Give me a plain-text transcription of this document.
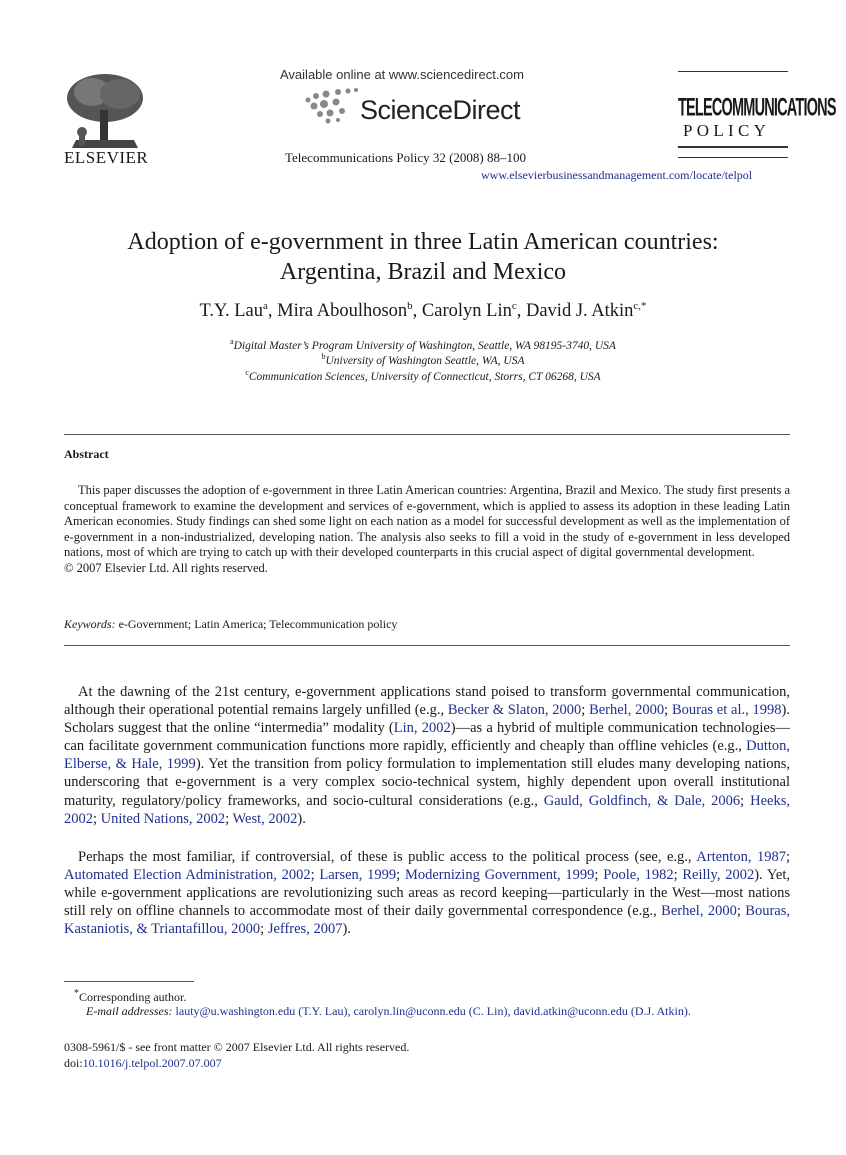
ELSEVIER
Available online at www.sciencedirect.com
ScienceDirect
Telecommunications Policy 32 (2008) 88–100
TELECOMMUNICATIONS
POLICY
www.elsevierbusinessandmanagement.com/locate/telpol
Adoption of e-government in three Latin American countries:
Argentina, Brazil and Mexico
T.Y. Lau$^a$, Mira Aboulhoson$^b$, Carolyn Lin$^c$, David J. Atkin$^{c,*}$
$^a$Digital Master’s Program University of Washington, Seattle, WA 98195-3740, USA
$^b$University of Washington Seattle, WA, USA
$^c$Communication Sciences, University of Connecticut, Storrs, CT 06268, USA
Abstract

This paper discusses the adoption of e-government in three Latin American countries: Argentina, Brazil and Mexico. The study first presents a conceptual framework to examine the development and services of e-government, which is applied to assess its adoption in these leading Latin American economies. Study findings can shed some light on each nation as a model for successful development as well as the implementation of e-government in a non-industrialized, developing nation. The analysis also seeks to fill a void in the study of e-government in less developed nations, most of which are trying to catch up with their developed counterparts in this crucial aspect of digital governmental development.
© 2007 Elsevier Ltd. All rights reserved.

Keywords: e-Government; Latin America; Telecommunication policy

At the dawning of the 21st century, e-government applications stand poised to transform governmental communication, although their operational potential remains largely unfilled (e.g., Becker & Slaton, 2000; Berhel, 2000; Bouras et al., 1998). Scholars suggest that the online “intermedia” modality (Lin, 2002)—as a hybrid of multiple communication technologies—can facilitate government communication functions more rapidly, efficiently and cheaply than offline vehicles (e.g., Dutton, Elberse, & Hale, 1999). Yet the transition from policy formulation to implementation still eludes many developing nations, underscoring that e-government is a very complex socio-technical system, highly dependent upon overall institutional maturity, regulatory/policy frameworks, and socio-cultural considerations (e.g., Gauld, Goldfinch, & Dale, 2006; Heeks, 2002; United Nations, 2002; West, 2002).

Perhaps the most familiar, if controversial, of these is public access to the political process (see, e.g., Artenton, 1987; Automated Election Administration, 2002; Larsen, 1999; Modernizing Government, 1999; Poole, 1982; Reilly, 2002). Yet, while e-government applications are revolutionizing such areas as record keeping—particularly in the West—most nations still rely on offline channels to accommodate most of their daily governmental correspondence (e.g., Berhel, 2000; Bouras, Kastaniotis, & Triantafillou, 2000; Jeffres, 2007).

*Corresponding author.
E-mail addresses: lauty@u.washington.edu (T.Y. Lau), carolyn.lin@uconn.edu (C. Lin), david.atkin@uconn.edu (D.J. Atkin).
0308-5961/$ - see front matter © 2007 Elsevier Ltd. All rights reserved.
doi:10.1016/j.telpol.2007.07.007
